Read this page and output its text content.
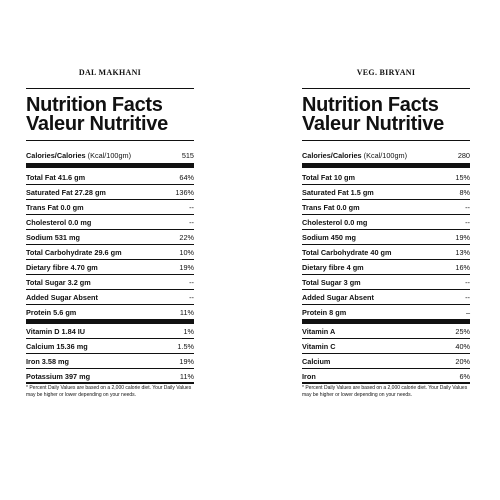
DAL MAKHANI
Nutrition Facts
Valeur Nutritive
Calories/Calories (Kcal/100gm)	515
Total Fat 41.6 gm	64%
Saturated Fat 27.28 gm	136%
Trans Fat 0.0 gm	--
Cholesterol 0.0 mg	--
Sodium 531 mg	22%
Total Carbohydrate 29.6 gm	10%
Dietary fibre 4.70 gm	19%
Total Sugar 3.2 gm	--
Added Sugar Absent	--
Protein 5.6 gm	11%
Vitamin D 1.84 IU	1%
Calcium 15.36 mg	1.5%
Iron 3.58 mg	19%
Potassium 397 mg	11%
* Percent Daily Values are based on a 2,000 calorie diet. Your Daily Values may be higher or lower depending on your needs.
VEG. BIRYANI
Nutrition Facts
Valeur Nutritive
Calories/Calories (Kcal/100gm)	280
Total Fat 10 gm	15%
Saturated Fat 1.5 gm	8%
Trans Fat 0.0 gm	--
Cholesterol 0.0 mg	--
Sodium 450 mg	19%
Total Carbohydrate 40 gm	13%
Dietary fibre 4 gm	16%
Total Sugar 3 gm	--
Added Sugar Absent	--
Protein 8 gm	–
Vitamin A	25%
Vitamin C	40%
Calcium	20%
Iron	6%
* Percent Daily Values are based on a 2,000 calorie diet. Your Daily Values may be higher or lower depending on your needs.
